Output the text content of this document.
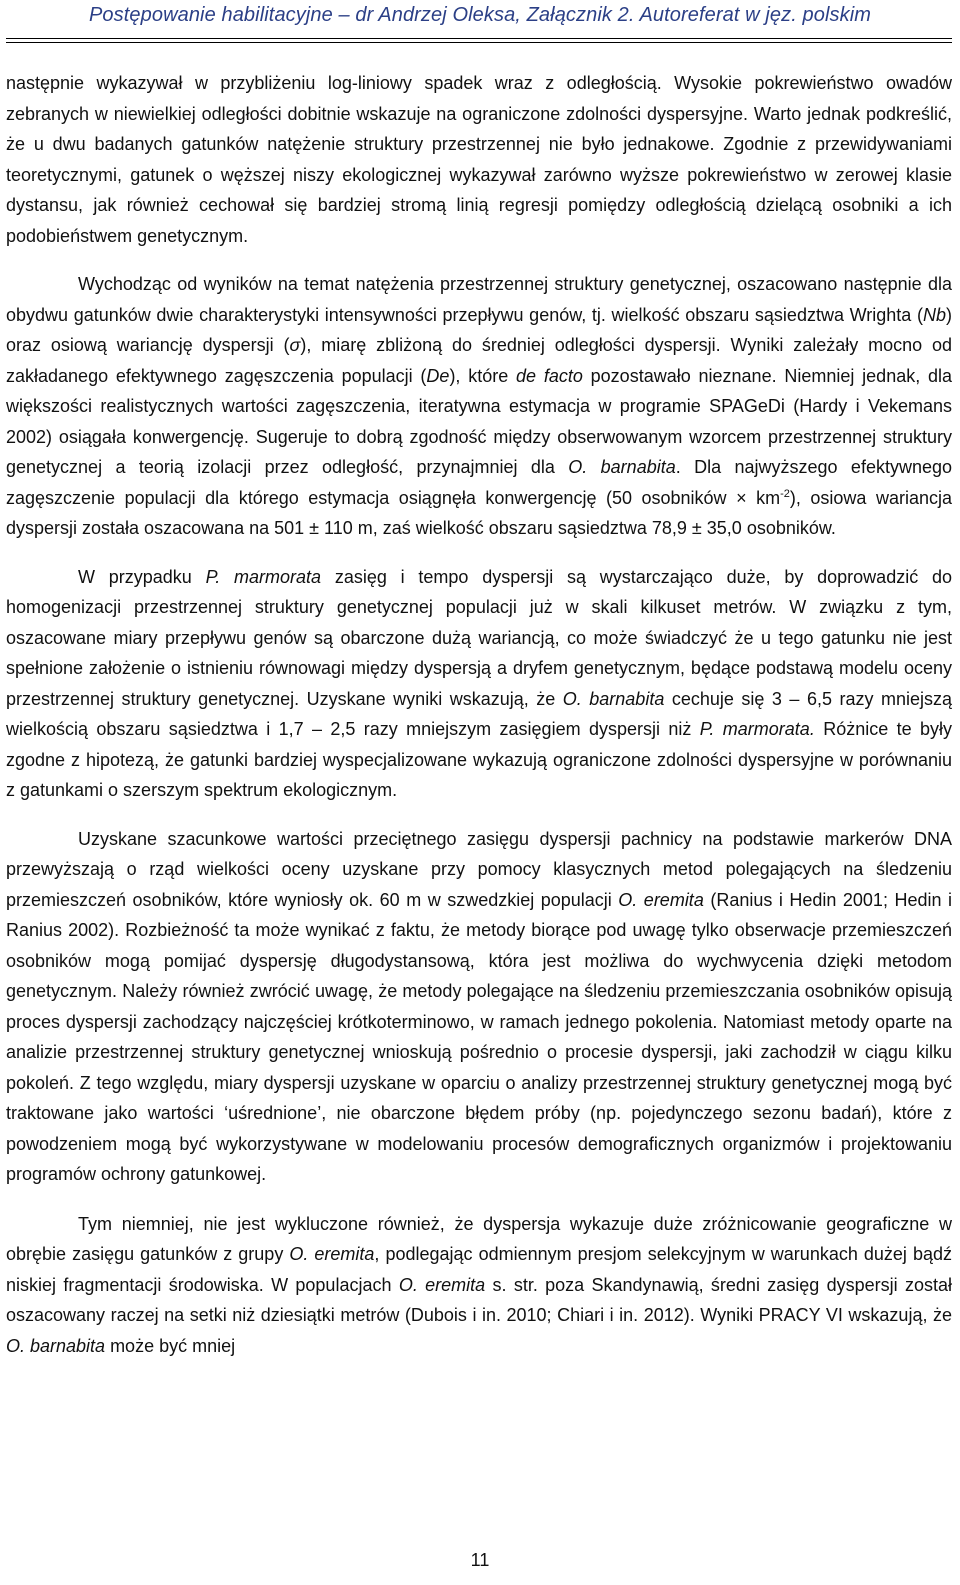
Postępowanie habilitacyjne – dr Andrzej Oleksa, Załącznik 2. Autoreferat w jęz. polskim

następnie wykazywał w przybliżeniu log-liniowy spadek wraz z odległością. Wysokie pokrewieństwo owadów zebranych w niewielkiej odległości dobitnie wskazuje na ograniczone zdolności dyspersyjne. Warto jednak podkreślić, że u dwu badanych gatunków natężenie struktury przestrzennej nie było jednakowe. Zgodnie z przewidywaniami teoretycznymi, gatunek o węższej niszy ekologicznej wykazywał zarówno wyższe pokrewieństwo w zerowej klasie dystansu, jak również cechował się bardziej stromą linią regresji pomiędzy odległością dzielącą osobniki a ich podobieństwem genetycznym.

Wychodząc od wyników na temat natężenia przestrzennej struktury genetycznej, oszacowano następnie dla obydwu gatunków dwie charakterystyki intensywności przepływu genów, tj. wielkość obszaru sąsiedztwa Wrighta (Nb) oraz osiową wariancję dyspersji (σ), miarę zbliżoną do średniej odległości dyspersji. Wyniki zależały mocno od zakładanego efektywnego zagęszczenia populacji (De), które de facto pozostawało nieznane. Niemniej jednak, dla większości realistycznych wartości zagęszczenia, iteratywna estymacja w programie SPAGeDi (Hardy i Vekemans 2002) osiągała konwergencję. Sugeruje to dobrą zgodność między obserwowanym wzorcem przestrzennej struktury genetycznej a teorią izolacji przez odległość, przynajmniej dla O. barnabita. Dla najwyższego efektywnego zagęszczenie populacji dla którego estymacja osiągnęła konwergencję (50 osobników × $km^{-2}$), osiowa wariancja dyspersji została oszacowana na 501 ± 110 m, zaś wielkość obszaru sąsiedztwa 78,9 ± 35,0 osobników.

W przypadku P. marmorata zasięg i tempo dyspersji są wystarczająco duże, by doprowadzić do homogenizacji przestrzennej struktury genetycznej populacji już w skali kilkuset metrów. W związku z tym, oszacowane miary przepływu genów są obarczone dużą wariancją, co może świadczyć że u tego gatunku nie jest spełnione założenie o istnieniu równowagi między dyspersją a dryfem genetycznym, będące podstawą modelu oceny przestrzennej struktury genetycznej. Uzyskane wyniki wskazują, że O. barnabita cechuje się 3 – 6,5 razy mniejszą wielkością obszaru sąsiedztwa i 1,7 – 2,5 razy mniejszym zasięgiem dyspersji niż P. marmorata. Różnice te były zgodne z hipotezą, że gatunki bardziej wyspecjalizowane wykazują ograniczone zdolności dyspersyjne w porównaniu z gatunkami o szerszym spektrum ekologicznym.

Uzyskane szacunkowe wartości przeciętnego zasięgu dyspersji pachnicy na podstawie markerów DNA przewyższają o rząd wielkości oceny uzyskane przy pomocy klasycznych metod polegających na śledzeniu przemieszczeń osobników, które wyniosły ok. 60 m w szwedzkiej populacji O. eremita (Ranius i Hedin 2001; Hedin i Ranius 2002). Rozbieżność ta może wynikać z faktu, że metody biorące pod uwagę tylko obserwacje przemieszczeń osobników mogą pomijać dyspersję długodystansową, która jest możliwa do wychwycenia dzięki metodom genetycznym. Należy również zwrócić uwagę, że metody polegające na śledzeniu przemieszczania osobników opisują proces dyspersji zachodzący najczęściej krótkoterminowo, w ramach jednego pokolenia. Natomiast metody oparte na analizie przestrzennej struktury genetycznej wnioskują pośrednio o procesie dyspersji, jaki zachodził w ciągu kilku pokoleń. Z tego względu, miary dyspersji uzyskane w oparciu o analizy przestrzennej struktury genetycznej mogą być traktowane jako wartości ‘uśrednione’, nie obarczone błędem próby (np. pojedynczego sezonu badań), które z powodzeniem mogą być wykorzystywane w modelowaniu procesów demograficznych organizmów i projektowaniu programów ochrony gatunkowej.

Tym niemniej, nie jest wykluczone również, że dyspersja wykazuje duże zróżnicowanie geograficzne w obrębie zasięgu gatunków z grupy O. eremita, podlegając odmiennym presjom selekcyjnym w warunkach dużej bądź niskiej fragmentacji środowiska. W populacjach O. eremita s. str. poza Skandynawią, średni zasięg dyspersji został oszacowany raczej na setki niż dziesiątki metrów (Dubois i in. 2010; Chiari i in. 2012). Wyniki PRACY VI wskazują, że O. barnabita może być mniej

11
